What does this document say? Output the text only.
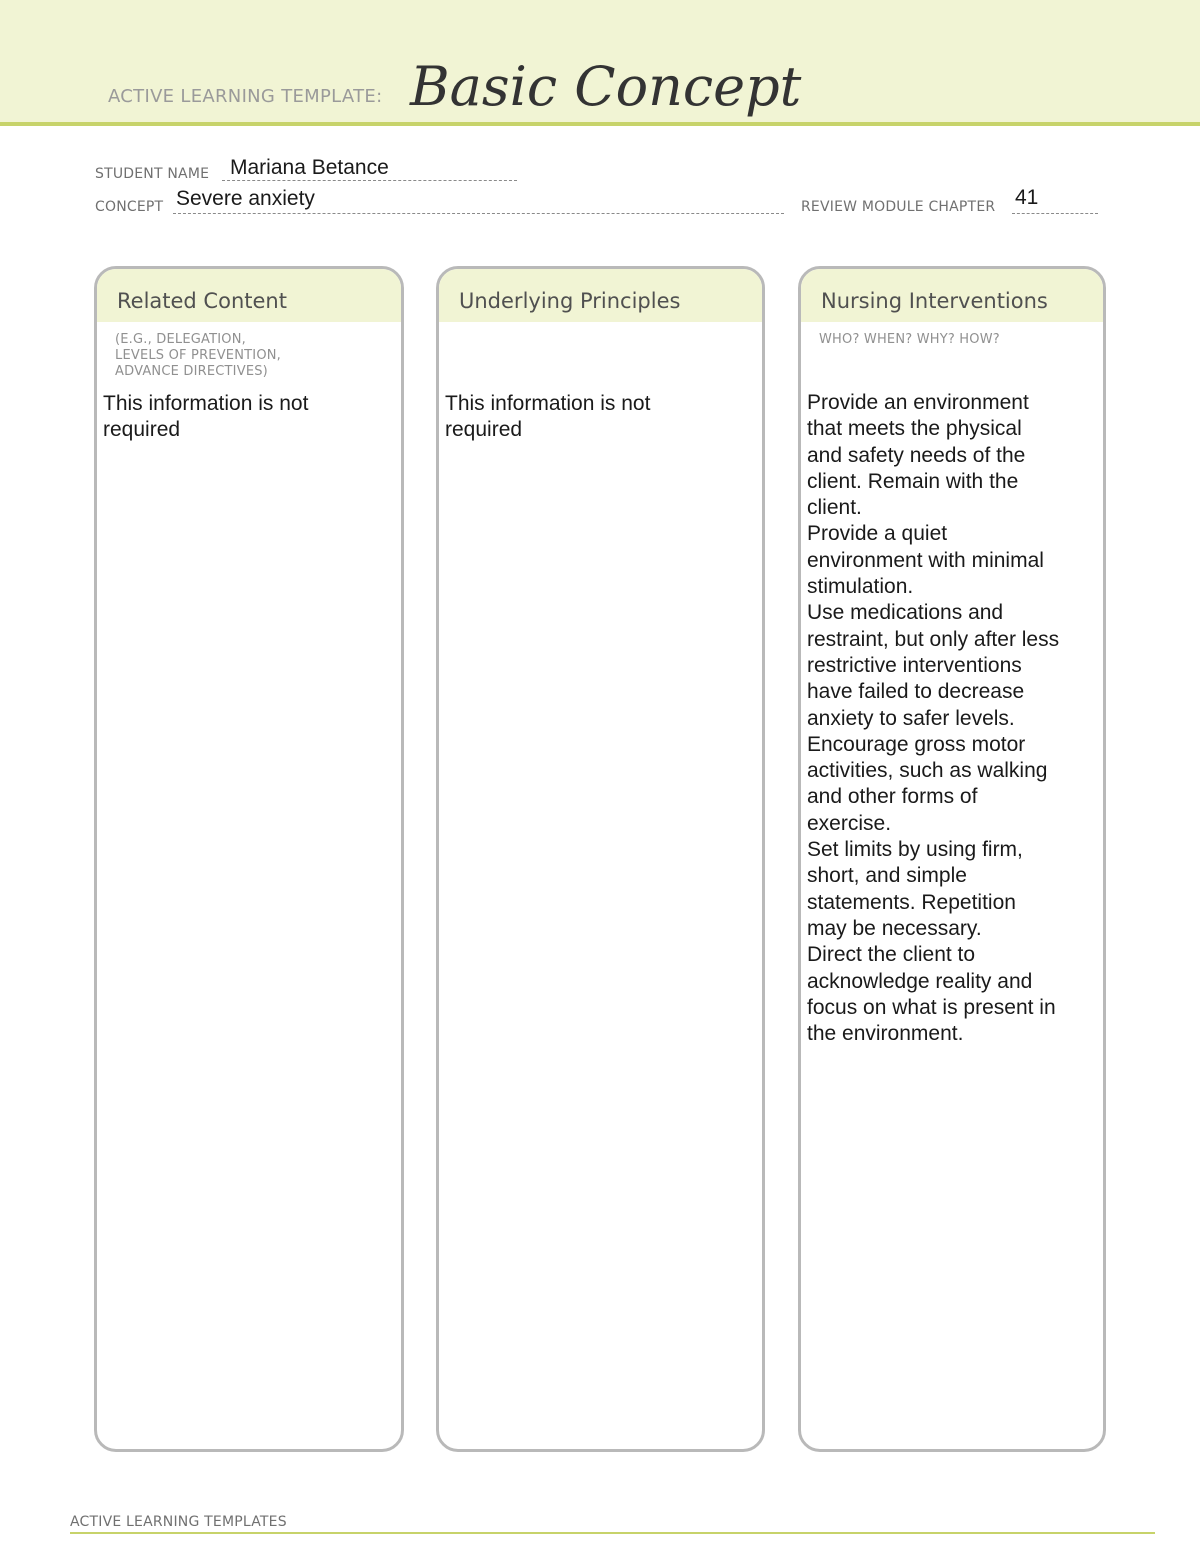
ACTIVE LEARNING TEMPLATE: Basic Concept
STUDENT NAME Mariana Betance
CONCEPT Severe anxiety	REVIEW MODULE CHAPTER 41
Related Content
(E.G., DELEGATION,
LEVELS OF PREVENTION,
ADVANCE DIRECTIVES)
This information is not
required
Underlying Principles
This information is not
required
Nursing Interventions
WHO? WHEN? WHY? HOW?
Provide an environment
that meets the physical
and safety needs of the
client. Remain with the
client.
Provide a quiet
environment with minimal
stimulation.
Use medications and
restraint, but only after less
restrictive interventions
have failed to decrease
anxiety to safer levels.
Encourage gross motor
activities, such as walking
and other forms of
exercise.
Set limits by using firm,
short, and simple
statements. Repetition
may be necessary.
Direct the client to
acknowledge reality and
focus on what is present in
the environment.
ACTIVE LEARNING TEMPLATES
